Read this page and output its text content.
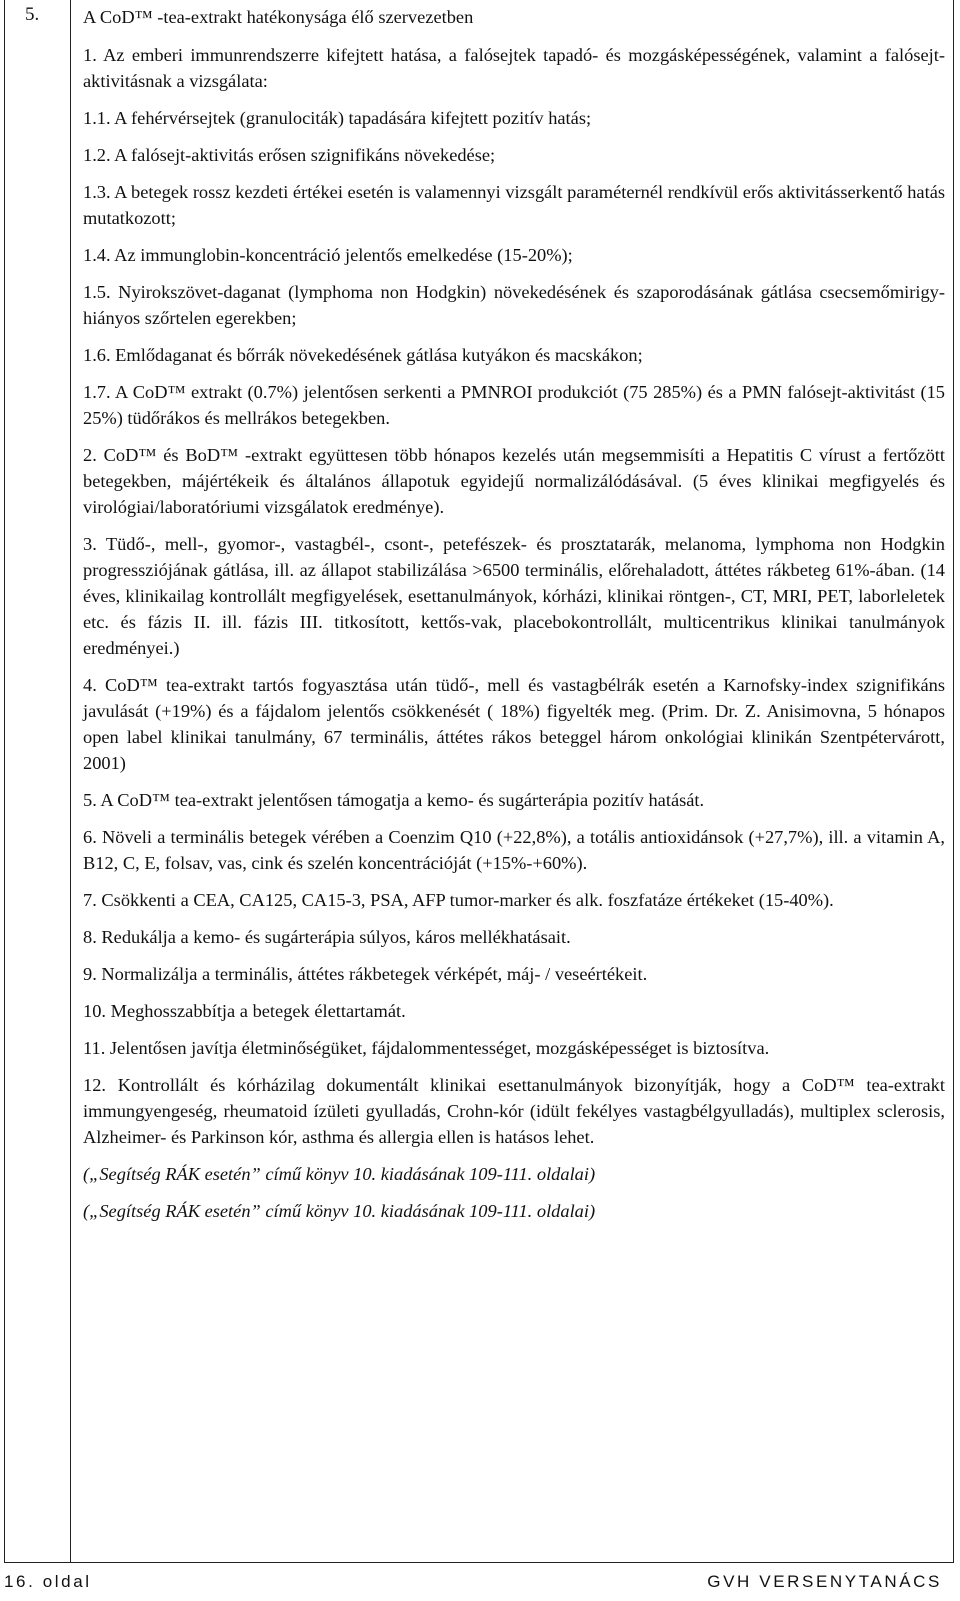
5. A CoD™ -tea-extrakt hatékonysága élő szervezetben

1. Az emberi immunrendszerre kifejtett hatása, a falósejtek tapadó- és mozgásképességének, valamint a falósejt-aktivitásnak a vizsgálata:

1.1. A fehérvérsejtek (granulociták) tapadására kifejtett pozitív hatás;

1.2. A falósejt-aktivitás erősen szignifikáns növekedése;

1.3. A betegek rossz kezdeti értékei esetén is valamennyi vizsgált paraméternél rendkívül erős aktivitásserkentő hatás mutatkozott;

1.4. Az immunglobin-koncentráció jelentős emelkedése (15-20%);

1.5. Nyirokszövet-daganat (lymphoma non Hodgkin) növekedésének és szaporodásának gátlása csecsemőmirigy-hiányos szőrtelen egerekben;

1.6. Emlődaganat és bőrrák növekedésének gátlása kutyákon és macskákon;

1.7. A CoD™ extrakt (0.7%) jelentősen serkenti a PMNROI produkciót (75 285%) és a PMN falósejt-aktivitást (15 25%) tüdőrákos és mellrákos betegekben.

2. CoD™ és BoD™ -extrakt együttesen több hónapos kezelés után megsemmisíti a Hepatitis C vírust a fertőzött betegekben, májértékeik és általános állapotuk egyidejű normalizálódásával. (5 éves klinikai megfigyelés és virológiai/laboratóriumi vizsgálatok eredménye).

3. Tüdő-, mell-, gyomor-, vastagbél-, csont-, petefészek- és prosztatarák, melanoma, lymphoma non Hodgkin progressziójának gátlása, ill. az állapot stabilizálása >6500 terminális, előrehaladott, áttétes rákbeteg 61%-ában. (14 éves, klinikailag kontrollált megfigyelések, esettanulmányok, kórházi, klinikai röntgen-, CT, MRI, PET, laborleletek etc. és fázis II. ill. fázis III. titkosított, kettős-vak, placebokontrollált, multicentrikus klinikai tanulmányok eredményei.)

4. CoD™ tea-extrakt tartós fogyasztása után tüdő-, mell és vastagbélrák esetén a Karnofsky-index szignifikáns javulását (+19%) és a fájdalom jelentős csökkenését ( 18%) figyelték meg. (Prim. Dr. Z. Anisimovna, 5 hónapos open label klinikai tanulmány, 67 terminális, áttétes rákos beteggel három onkológiai klinikán Szentpétervárott, 2001)

5. A CoD™ tea-extrakt jelentősen támogatja a kemo- és sugárterápia pozitív hatását.

6. Növeli a terminális betegek vérében a Coenzim Q10 (+22,8%), a totális antioxidánsok (+27,7%), ill. a vitamin A, B12, C, E, folsav, vas, cink és szelén koncentrációját (+15%-+60%).

7. Csökkenti a CEA, CA125, CA15-3, PSA, AFP tumor-marker és alk. foszfatáze értékeket (15-40%).

8. Redukálja a kemo- és sugárterápia súlyos, káros mellékhatásait.

9. Normalizálja a terminális, áttétes rákbetegek vérképét, máj- / veseértékeit.

10. Meghosszabbítja a betegek élettartamát.

11. Jelentősen javítja életminőségüket, fájdalommentességet, mozgásképességet is biztosítva.

12. Kontrollált és kórházilag dokumentált klinikai esettanulmányok bizonyítják, hogy a CoD™ tea-extrakt immungyengeség, rheumatoid ízületi gyulladás, Crohn-kór (idült fekélyes vastagbélgyulladás), multiplex sclerosis, Alzheimer- és Parkinson kór, asthma és allergia ellen is hatásos lehet.

(„Segítség RÁK esetén” című könyv 10. kiadásának 109-111. oldalai)

(„Segítség RÁK esetén” című könyv 10. kiadásának 109-111. oldalai)

16. oldal	GVH VERSENYTANÁCS
